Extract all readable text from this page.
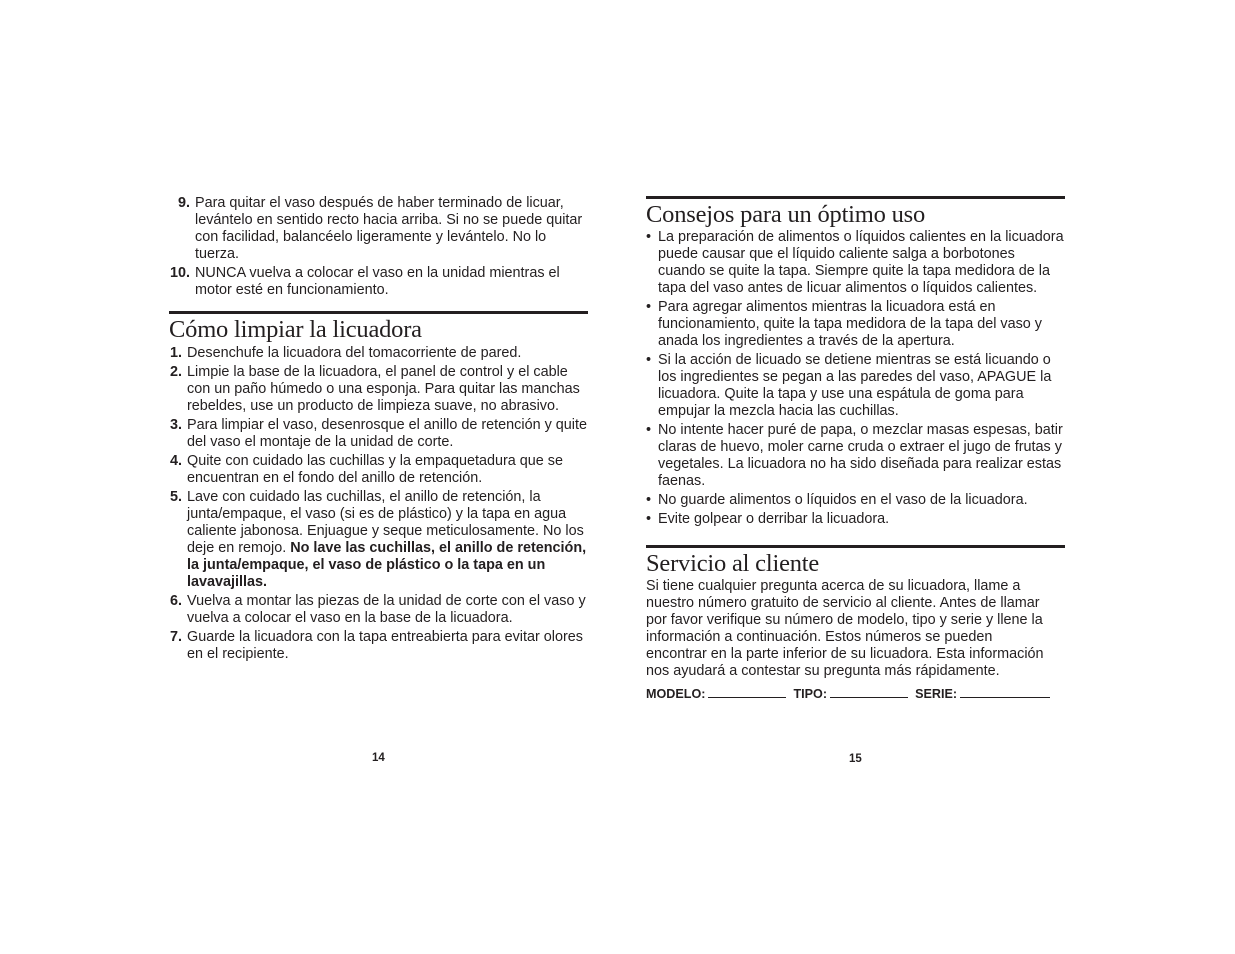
9. Para quitar el vaso después de haber terminado de licuar, levántelo en sentido recto hacia arriba. Si no se puede quitar con facilidad, balancéelo ligeramente y levántelo. No lo tuerza.
10. NUNCA vuelva a colocar el vaso en la unidad mientras el motor esté en funcionamiento.
Cómo limpiar la licuadora
1. Desenchufe la licuadora del tomacorriente de pared.
2. Limpie la base de la licuadora, el panel de control y el cable con un paño húmedo o una esponja. Para quitar las manchas rebeldes, use un producto de limpieza suave, no abrasivo.
3. Para limpiar el vaso, desenrosque el anillo de retención y quite del vaso el montaje de la unidad de corte.
4. Quite con cuidado las cuchillas y la empaquetadura que se encuentran en el fondo del anillo de retención.
5. Lave con cuidado las cuchillas, el anillo de retención, la junta/empaque, el vaso (si es de plástico) y la tapa en agua caliente jabonosa. Enjuague y seque meticulosamente. No los deje en remojo. No lave las cuchillas, el anillo de retención, la junta/empaque, el vaso de plástico o la tapa en un lavavajillas.
6. Vuelva a montar las piezas de la unidad de corte con el vaso y vuelva a colocar el vaso en la base de la licuadora.
7. Guarde la licuadora con la tapa entreabierta para evitar olores en el recipiente.
14
Consejos para un óptimo uso
• La preparación de alimentos o líquidos calientes en la licuadora puede causar que el líquido caliente salga a borbotones cuando se quite la tapa. Siempre quite la tapa medidora de la tapa del vaso antes de licuar alimentos o líquidos calientes.
• Para agregar alimentos mientras la licuadora está en funcionamiento, quite la tapa medidora de la tapa del vaso y anada los ingredientes a través de la apertura.
• Si la acción de licuado se detiene mientras se está licuando o los ingredientes se pegan a las paredes del vaso, APAGUE la licuadora. Quite la tapa y use una espátula de goma para empujar la mezcla hacia las cuchillas.
• No intente hacer puré de papa, o mezclar masas espesas, batir claras de huevo, moler carne cruda o extraer el jugo de frutas y vegetales. La licuadora no ha sido diseñada para realizar estas faenas.
• No guarde alimentos o líquidos en el vaso de la licuadora.
• Evite golpear o derribar la licuadora.
Servicio al cliente

Si tiene cualquier pregunta acerca de su licuadora, llame a nuestro número gratuito de servicio al cliente. Antes de llamar por favor verifique su número de modelo, tipo y serie y llene la información a continuación. Estos números se pueden encontrar en la parte inferior de su licuadora. Esta información nos ayudará a contestar su pregunta más rápidamente.

MODELO:	TIPO:	SERIE:
15
